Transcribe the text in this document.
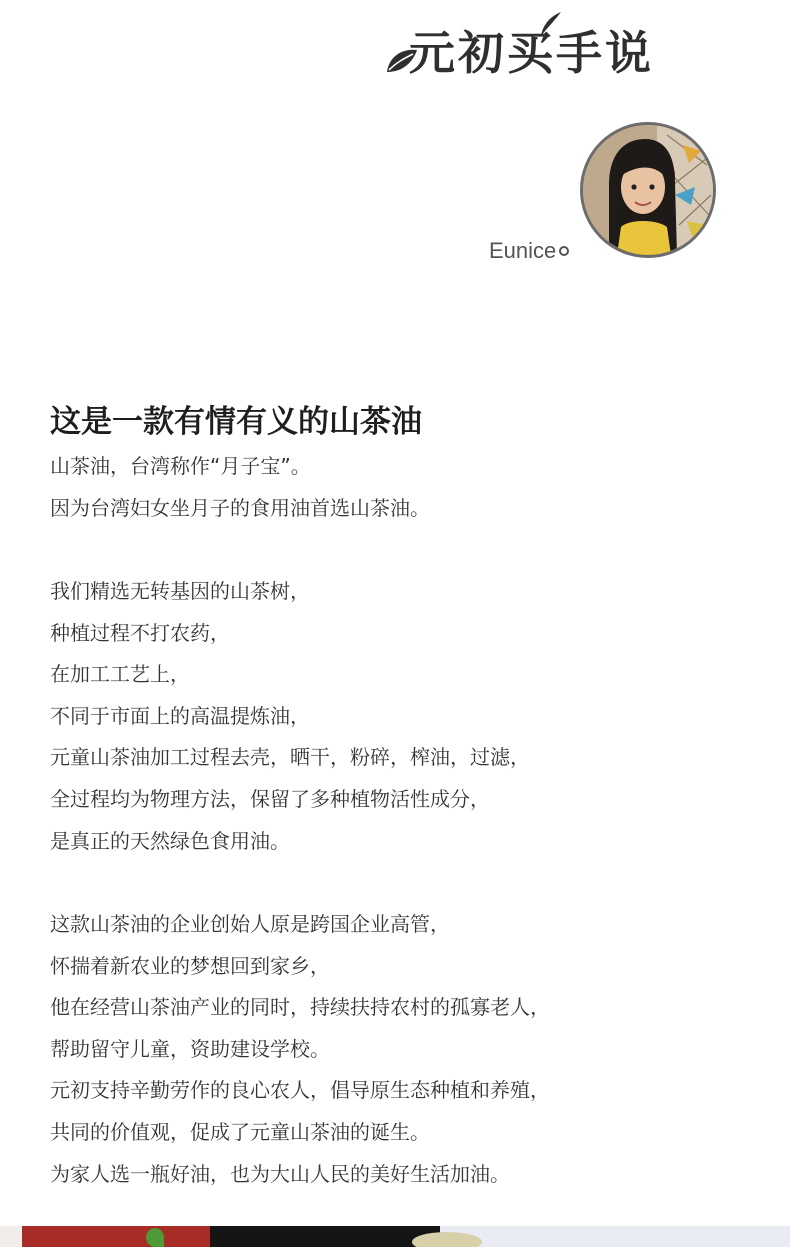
元初买手说
Eunice
这是一款有情有义的山茶油
山茶油，台湾称作“月子宝”。
因为台湾妇女坐月子的食用油首选山茶油。
我们精选无转基因的山茶树，
种植过程不打农药，
在加工工艺上，
不同于市面上的高温提炼油，
元童山茶油加工过程去壳，晒干，粉碎，榨油，过滤，
全过程均为物理方法，保留了多种植物活性成分，
是真正的天然绿色食用油。
这款山茶油的企业创始人原是跨国企业高管，
怀揣着新农业的梦想回到家乡，
他在经营山茶油产业的同时，持续扶持农村的孤寡老人，
帮助留守儿童，资助建设学校。
元初支持辛勤劳作的良心农人，倡导原生态种植和养殖，
共同的价值观，促成了元童山茶油的诞生。
为家人选一瓶好油，也为大山人民的美好生活加油。
